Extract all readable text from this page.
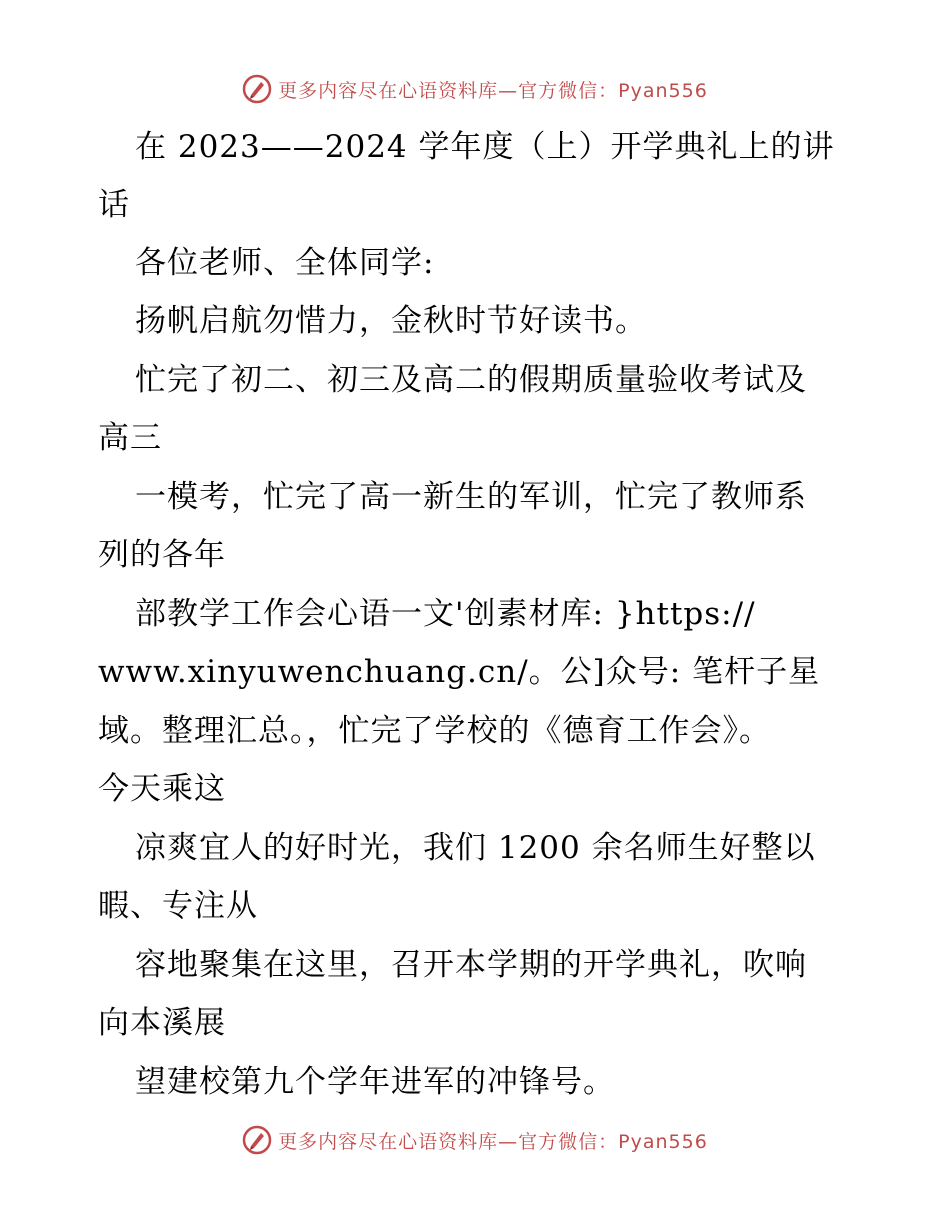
更多内容尽在心语资料库—官方微信：Pyan556
在 2023——2024 学年度（上）开学典礼上的讲
话
各位老师、全体同学:
扬帆启航勿惜力，金秋时节好读书。
忙完了初二、初三及高二的假期质量验收考试及
高三
一模考，忙完了高一新生的军训，忙完了教师系
列的各年
部教学工作会心语一文'创素材库: }https://
www.xinyuwenchuang.cn/。公]众号: 笔杆子星
域。整理汇总。，忙完了学校的《德育工作会》。
今天乘这
凉爽宜人的好时光，我们 1200 余名师生好整以
暇、专注从
容地聚集在这里，召开本学期的开学典礼，吹响
向本溪展
望建校第九个学年进军的冲锋号。
更多内容尽在心语资料库—官方微信：Pyan556
